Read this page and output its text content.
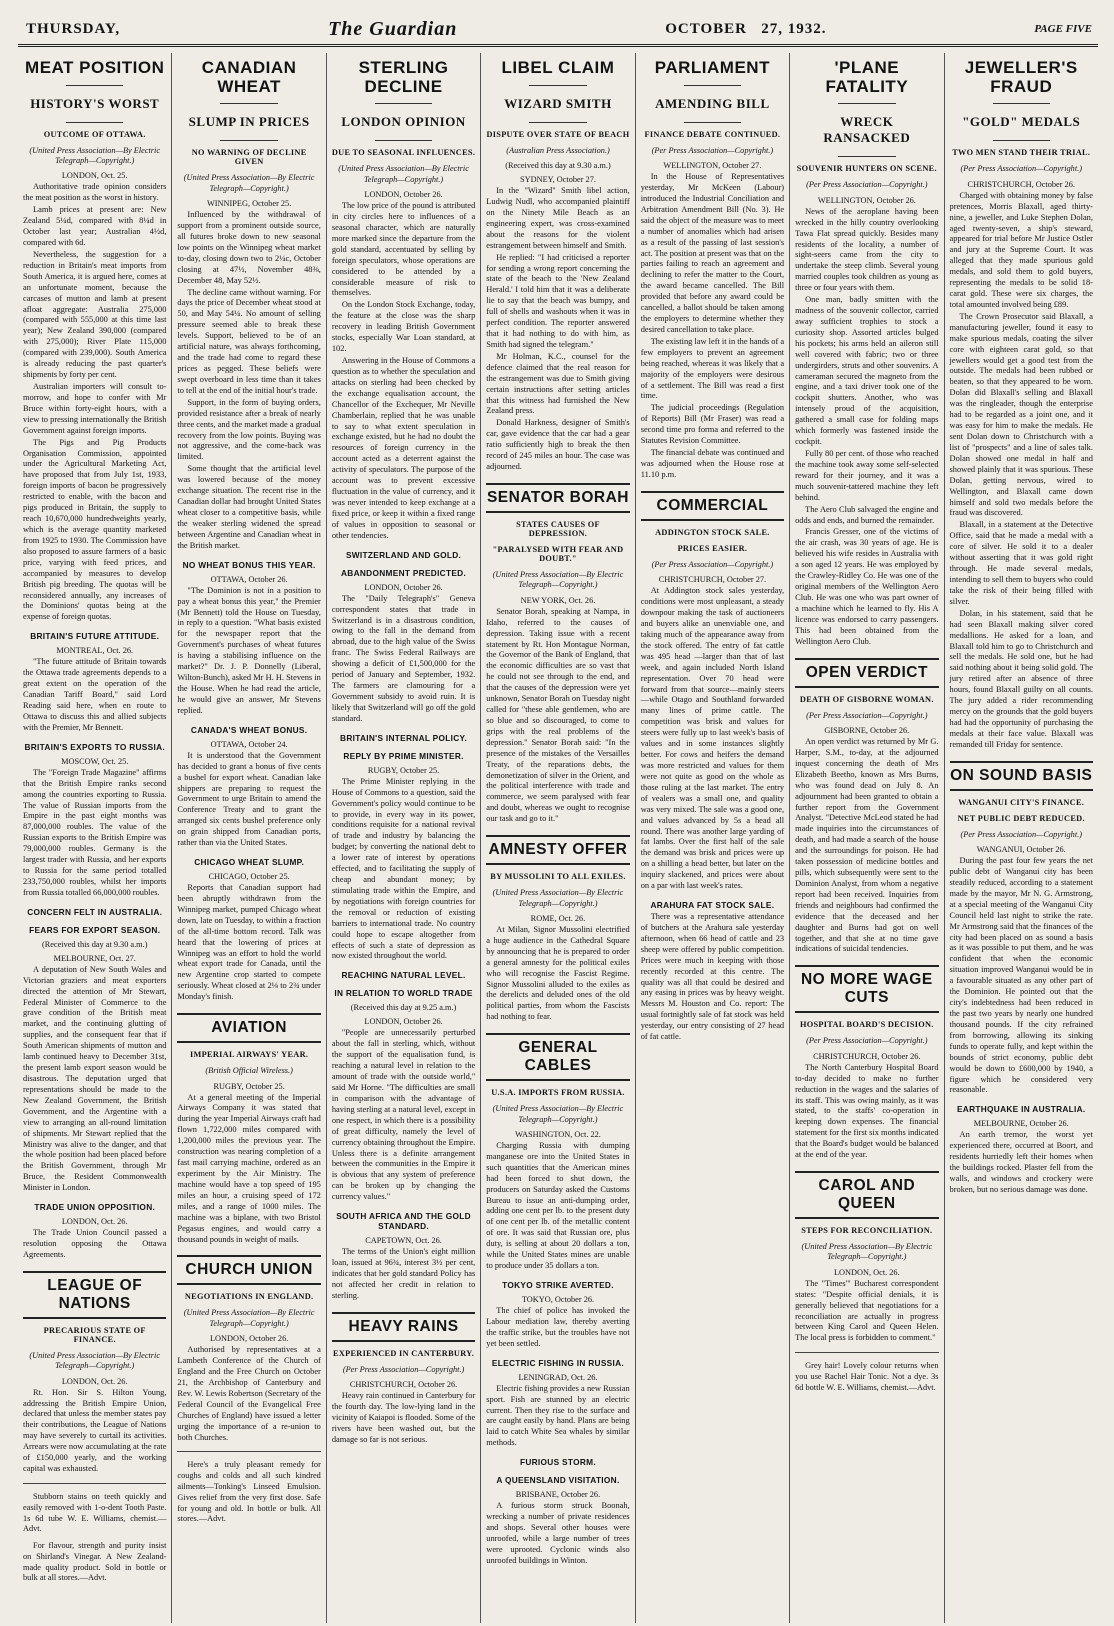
THURSDAY,	The Guardian	OCTOBER 27, 1932.	PAGE FIVE
MEAT POSITION
HISTORY'S WORST
OUTCOME OF OTTAWA.
(United Press Association—By Electric Telegraph—Copyright.)
LONDON, Oct. 25.

Authoritative trade opinion considers the meat position as the worst in history.

Lamb prices at present are: New Zealand 5¼d, compared with 8¼d in October last year; Australian 4½d, compared with 6d.

Nevertheless, the suggestion for a reduction in Britain's meat imports from South America, it is argued here, comes at an unfortunate moment, because the carcases of mutton and lamb at present afloat aggregate: Australia 275,000 (compared with 555,000 at this time last year); New Zealand 390,000 (compared with 275,000); River Plate 115,000 (compared with 239,000). South America is already reducing the past quarter's shipments by forty per cent.

Australian importers will consult to-morrow, and hope to confer with Mr Bruce within forty-eight hours, with a view to pressing internationally the British Government against foreign imports.

The Pigs and Pig Products Organisation Commission, appointed under the Agricultural Marketing Act, have proposed that from July 1st, 1933, foreign imports of bacon be progressively restricted to enable, with the bacon and pigs produced in Britain, the supply to reach 10,670,000 hundredweights yearly, which is the average quantity marketed from 1925 to 1930. The Commission have also proposed to assure farmers of a basic price, varying with feed prices, and accompanied by measures to develop British pig breeding. The quotas will be reconsidered annually, any increases of the Dominions' quotas being at the expense of foreign quotas.

BRITAIN'S FUTURE ATTITUDE.
MONTREAL, Oct. 26.

"The future attitude of Britain towards the Ottawa trade agreements depends to a great extent on the operation of the Canadian Tariff Board," said Lord Reading said here, when en route to Ottawa to discuss this and allied subjects with the Premier, Mr Bennett.

BRITAIN'S EXPORTS TO RUSSIA.
MOSCOW, Oct. 25.

The "Foreign Trade Magazine" affirms that the British Empire ranks second among the countries exporting to Russia. The value of Russian imports from the Empire in the past eight months was 87,000,000 roubles. The value of the Russian exports to the British Empire was 79,000,000 roubles. Germany is the largest trader with Russia, and her exports to Russia for the same period totalled 233,750,000 roubles, whilst her imports from Russia totalled 66,000,000 roubles.

CONCERN FELT IN AUSTRALIA.
FEARS FOR EXPORT SEASON.
(Received this day at 9.30 a.m.)
MELBOURNE, Oct. 27.

A deputation of New South Wales and Victorian graziers and meat exporters directed the attention of Mr Stewart, Federal Minister of Commerce to the grave condition of the British meat market, and the continuing glutting of supplies, and the consequent fear that if South American shipments of mutton and lamb continued heavy to December 31st, the present lamb export season would be disastrous. The deputation urged that representations should be made to the New Zealand Government, the British Government, and the Argentine with a view to arranging an all-round limitation of shipments. Mr Stewart replied that the Ministry was alive to the danger, and that the whole position had been placed before the British Government, through Mr Bruce, the Resident Commonwealth Minister in London.

TRADE UNION OPPOSITION.
LONDON, Oct. 26.

The Trade Union Council passed a resolution opposing the Ottawa Agreements.

LEAGUE OF NATIONS
PRECARIOUS STATE OF FINANCE.
(United Press Association—By Electric Telegraph—Copyright.)
LONDON, Oct. 26.

Rt. Hon. Sir S. Hilton Young, addressing the British Empire Union, declared that unless the member states pay their contributions, the League of Nations may have severely to curtail its activities. Arrears were now accumulating at the rate of £150,000 yearly, and the working capital was exhausted.

Stubborn stains on teeth quickly and easily removed with 1-o-dent Tooth Paste. 1s 6d tube W. E. Williams, chemist.—Advt.
For flavour, strength and purity insist on Shirland's Vinegar. A New Zealand-made quality product. Sold in bottle or bulk at all stores.—Advt.
CANADIAN WHEAT
SLUMP IN PRICES
NO WARNING OF DECLINE GIVEN
(United Press Association—By Electric Telegraph—Copyright.)
WINNIPEG, October 25.

Influenced by the withdrawal of support from a prominent outside source, all futures broke down to new seasonal low points on the Winnipeg wheat market to-day, closing down two to 2¼c, October closing at 47½, November 48⅜, December 48, May 52½.

The decline came without warning. For days the price of December wheat stood at 50, and May 54¼. No amount of selling pressure seemed able to break these levels. Support, believed to be of an artificial nature, was always forthcoming, and the trade had come to regard these prices as pegged. These beliefs were swept overboard in less time than it takes to tell at the end of the initial hour's trade.

Support, in the form of buying orders, provided resistance after a break of nearly three cents, and the market made a gradual recovery from the low points. Buying was not aggressive, and the come-back was limited.

Some thought that the artificial level was lowered because of the money exchange situation. The recent rise in the Canadian dollar had brought United States wheat closer to a competitive basis, while the weaker sterling widened the spread between Argentine and Canadian wheat in the British market.

NO WHEAT BONUS THIS YEAR.
OTTAWA, October 26.

"The Dominion is not in a position to pay a wheat bonus this year," the Premier (Mr Bennett) told the House on Tuesday, in reply to a question. "What basis existed for the newspaper report that the Government's purchases of wheat futures is having a stabilising influence on the market?" Dr. J. P. Donnelly (Liberal, Wilton-Bunch), asked Mr H. H. Stevens in the House. When he had read the article, he would give an answer, Mr Stevens replied.

CANADA'S WHEAT BONUS.
OTTAWA, October 24.

It is understood that the Government has decided to grant a bonus of five cents a bushel for export wheat. Canadian lake shippers are preparing to request the Government to urge Britain to amend the Conference Treaty and to grant the arranged six cents bushel preference only on grain shipped from Canadian ports, rather than via the United States.

CHICAGO WHEAT SLUMP.
CHICAGO, October 25.

Reports that Canadian support had been abruptly withdrawn from the Winnipeg market, pumped Chicago wheat down, late on Tuesday, to within a fraction of the all-time bottom record. Talk was heard that the lowering of prices at Winnipeg was an effort to hold the world wheat export trade for Canada, until the new Argentine crop started to compete seriously. Wheat closed at 2⅛ to 2¾ under Monday's finish.

AVIATION
IMPERIAL AIRWAYS' YEAR.
(British Official Wireless.)
RUGBY, October 25.

At a general meeting of the Imperial Airways Company it was stated that during the year Imperial Airways craft had flown 1,722,000 miles compared with 1,200,000 miles the previous year. The construction was nearing completion of a fast mail carrying machine, ordered as an experiment by the Air Ministry. The machine would have a top speed of 195 miles an hour, a cruising speed of 172 miles, and a range of 1000 miles. The machine was a biplane, with two Bristol Pegasus engines, and would carry a thousand pounds in weight of mails.

CHURCH UNION
NEGOTIATIONS IN ENGLAND.
(United Press Association—By Electric Telegraph—Copyright.)
LONDON, October 26.

Authorised by representatives at a Lambeth Conference of the Church of England and the Free Church on October 21, the Archbishop of Canterbury and Rev. W. Lewis Robertson (Secretary of the Federal Council of the Evangelical Free Churches of England) have issued a letter urging the importance of a re-union to both Churches.

Here's a truly pleasant remedy for coughs and colds and all such kindred ailments—Tonking's Linseed Emulsion. Gives relief from the very first dose. Safe for young and old. In bottle or bulk. All stores.—Advt.
STERLING DECLINE
LONDON OPINION
DUE TO SEASONAL INFLUENCES.
(United Press Association—By Electric Telegraph—Copyright.)
LONDON, October 26.

The low price of the pound is attributed in city circles here to influences of a seasonal character, which are naturally more marked since the departure from the gold standard, accentuated by selling by foreign speculators, whose operations are considered to be attended by a considerable measure of risk to themselves.

On the London Stock Exchange, today, the feature at the close was the sharp recovery in leading British Government stocks, especially War Loan standard, at 102.

Answering in the House of Commons a question as to whether the speculation and attacks on sterling had been checked by the exchange equalisation account, the Chancellor of the Exchequer, Mr Neville Chamberlain, replied that he was unable to say to what extent speculation in exchange existed, but he had no doubt the resources of foreign currency in the account acted as a deterrent against the activity of speculators. The purpose of the account was to prevent excessive fluctuation in the value of currency, and it was never intended to keep exchange at a fixed price, or keep it within a fixed range of values in opposition to seasonal or other tendencies.

SWITZERLAND AND GOLD.
ABANDONMENT PREDICTED.
LONDON, October 26.

The "Daily Telegraph's" Geneva correspondent states that trade in Switzerland is in a disastrous condition, owing to the fall in the demand from abroad, due to the high value of the Swiss franc. The Swiss Federal Railways are showing a deficit of £1,500,000 for the period of January and September, 1932. The farmers are clamouring for a Government subsidy to avoid ruin. It is likely that Switzerland will go off the gold standard.

BRITAIN'S INTERNAL POLICY.
REPLY BY PRIME MINISTER.
RUGBY, October 25.

The Prime Minister replying in the House of Commons to a question, said the Government's policy would continue to be to provide, in every way in its power, conditions requisite for a national revival of trade and industry by balancing the budget; by converting the national debt to a lower rate of interest by operations effected, and to facilitating the supply of cheap and abundant money; by stimulating trade within the Empire, and by negotiations with foreign countries for the removal or reduction of existing barriers to international trade. No country could hope to escape altogether from effects of such a state of depression as now existed throughout the world.

REACHING NATURAL LEVEL.
IN RELATION TO WORLD TRADE
(Received this day at 9.25 a.m.)
LONDON, October 26.

"People are unnecessarily perturbed about the fall in sterling, which, without the support of the equalisation fund, is reaching a natural level in relation to the amount of trade with the outside world," said Mr Horne. "The difficulties are small in comparison with the advantage of having sterling at a natural level, except in one respect, in which there is a possibility of great difficulty, namely the level of currency obtaining throughout the Empire. Unless there is a definite arrangement between the communities in the Empire it is obvious that any system of preference can be broken up by changing the currency values."

SOUTH AFRICA AND THE GOLD STANDARD.
CAPETOWN, Oct. 26.

The terms of the Union's eight million loan, issued at 96¾, interest 3½ per cent, indicates that her gold standard Policy has not affected her credit in relation to sterling.

HEAVY RAINS
EXPERIENCED IN CANTERBURY.
(Per Press Association—Copyright.)
CHRISTCHURCH, October 26.

Heavy rain continued in Canterbury for the fourth day. The low-lying land in the vicinity of Kaiapoi is flooded. Some of the rivers have been washed out, but the damage so far is not serious.

LIBEL CLAIM
WIZARD SMITH
DISPUTE OVER STATE OF BEACH
(Australian Press Association.)
(Received this day at 9.30 a.m.)
SYDNEY, October 27.

In the "Wizard" Smith libel action, Ludwig Nudl, who accompanied plaintiff on the Ninety Mile Beach as an engineering expert, was cross-examined about the reasons for the violent estrangement between himself and Smith.

He replied: "I had criticised a reporter for sending a wrong report concerning the state of the beach to the 'New Zealand Herald.' I told him that it was a deliberate lie to say that the beach was bumpy, and full of shells and washouts when it was in perfect condition. The reporter answered that it had nothing to do with him, as Smith had signed the telegram."

Mr Holman, K.C., counsel for the defence claimed that the real reason for the estrangement was due to Smith giving certain instructions after setting articles that this witness had furnished the New Zealand press.

Donald Harkness, designer of Smith's car, gave evidence that the car had a gear ratio sufficiently high to break the then record of 245 miles an hour. The case was adjourned.

SENATOR BORAH
STATES CAUSES OF DEPRESSION.
"PARALYSED WITH FEAR AND DOUBT."
(United Press Association—By Electric Telegraph—Copyright.)
NEW YORK, Oct. 26.

Senator Borah, speaking at Nampa, in Idaho, referred to the causes of depression. Taking issue with a recent statement by Rt. Hon Montague Norman, the Governor of the Bank of England, that the economic difficulties are so vast that he could not see through to the end, and that the causes of the depression were yet unknown, Senator Borah on Tuesday night called for "these able gentlemen, who are so blue and so discouraged, to come to grips with the real problems of the depression." Senator Borah said: "In the presence of the mistakes of the Versailles Treaty, of the reparations debts, the demonetization of silver in the Orient, and the political interference with trade and commerce, we seem paralysed with fear and doubt, whereas we ought to recognise our task and go to it."

AMNESTY OFFER
BY MUSSOLINI TO ALL EXILES.
(United Press Association—By Electric Telegraph—Copyright.)
ROME, Oct. 26.

At Milan, Signor Mussolini electrified a huge audience in the Cathedral Square by announcing that he is prepared to order a general amnesty for the political exiles who will recognise the Fascist Regime. Signor Mussolini alluded to the exiles as the derelicts and deluded ones of the old political parties, from whom the Fascists had nothing to fear.

GENERAL CABLES
U.S.A. IMPORTS FROM RUSSIA.
(United Press Association—By Electric Telegraph—Copyright.)
WASHINGTON, Oct. 22.

Charging Russia with dumping manganese ore into the United States in such quantities that the American mines had been forced to shut down, the producers on Saturday asked the Customs Bureau to issue an anti-dumping order, adding one cent per lb. to the present duty of one cent per lb. of the metallic content of ore. It was said that Russian ore, plus duty, is selling at about 20 dollars a ton, while the United States mines are unable to produce under 35 dollars a ton.

TOKYO STRIKE AVERTED.
TOKYO, October 26.

The chief of police has invoked the Labour mediation law, thereby averting the traffic strike, but the troubles have not yet been settled.

ELECTRIC FISHING IN RUSSIA.
LENINGRAD, Oct. 26.

Electric fishing provides a new Russian sport. Fish are stunned by an electric current. Then they rise to the surface and are caught easily by hand. Plans are being laid to catch White Sea whales by similar methods.

FURIOUS STORM.
A QUEENSLAND VISITATION.
BRISBANE, October 26.

A furious storm struck Boonah, wrecking a number of private residences and shops. Several other houses were unroofed, while a large number of trees were uprooted. Cyclonic winds also unroofed buildings in Winton.

PARLIAMENT
AMENDING BILL
FINANCE DEBATE CONTINUED.
(Per Press Association—Copyright.)
WELLINGTON, October 27.

In the House of Representatives yesterday, Mr McKeen (Labour) introduced the Industrial Conciliation and Arbitration Amendment Bill (No. 3). He said the object of the measure was to meet a number of anomalies which had arisen as a result of the passing of last session's act. The position at present was that on the parties failing to reach an agreement and declining to refer the matter to the Court, the award became cancelled. The Bill provided that before any award could be cancelled, a ballot should be taken among the employers to determine whether they desired cancellation to take place.

The existing law left it in the hands of a few employers to prevent an agreement being reached, whereas it was likely that a majority of the employers were desirous of a settlement. The Bill was read a first time.

The judicial proceedings (Regulation of Reports) Bill (Mr Fraser) was read a second time pro forma and referred to the Statutes Revision Committee.

The financial debate was continued and was adjourned when the House rose at 11.10 p.m.

COMMERCIAL
ADDINGTON STOCK SALE.
PRICES EASIER.
(Per Press Association—Copyright.)
CHRISTCHURCH, October 27.

At Addington stock sales yesterday, conditions were most unpleasant, a steady downpour making the task of auctioneers and buyers alike an unenviable one, and taking much of the appearance away from the stock offered. The entry of fat cattle was 495 head —larger than that of last week, and again included North Island representation. Over 70 head were forward from that source—mainly steers —while Otago and Southland forwarded many lines of prime cattle. The competition was brisk and values for steers were fully up to last week's basis of values and in some instances slightly better. For cows and heifers the demand was more restricted and values for them were not quite as good on the whole as those ruling at the last market. The entry of vealers was a small one, and quality was very mixed. The sale was a good one, and values advanced by 5s a head all round. There was another large yarding of fat lambs. Over the first half of the sale the demand was brisk and prices were up on a shilling a head better, but later on the inquiry slackened, and prices were about on a par with last week's rates.

ARAHURA FAT STOCK SALE.

There was a representative attendance of butchers at the Arahura sale yesterday afternoon, when 66 head of cattle and 23 sheep were offered by public competition. Prices were much in keeping with those recently recorded at this centre. The quality was all that could be desired and any easing in prices was by heavy weight. Messrs M. Houston and Co. report: The usual fortnightly sale of fat stock was held yesterday, our entry consisting of 27 head of fat cattle.

'PLANE FATALITY
WRECK RANSACKED
SOUVENIR HUNTERS ON SCENE.
(Per Press Association—Copyright.)
WELLINGTON, October 26.

News of the aeroplane having been wrecked in the hilly country overlooking Tawa Flat spread quickly. Besides many residents of the locality, a number of sight-seers came from the city to undertake the steep climb. Several young married couples took children as young as three or four years with them.

One man, badly smitten with the madness of the souvenir collector, carried away sufficient trophies to stock a curiosity shop. Assorted articles bulged his pockets; his arms held an aileron still well covered with fabric; two or three undergirders, struts and other souvenirs. A cameraman secured the magneto from the engine, and a taxi driver took one of the cockpit shutters. Another, who was intensely proud of the acquisition, gathered a small case for folding maps which formerly was fastened inside the cockpit.

Fully 80 per cent. of those who reached the machine took away some self-selected reward for their journey, and it was a much souvenir-tattered machine they left behind.

The Aero Club salvaged the engine and odds and ends, and burned the remainder.

Francis Gresser, one of the victims of the air crash, was 30 years of age. He is believed his wife resides in Australia with a son aged 12 years. He was employed by the Crawley-Ridley Co. He was one of the original members of the Wellington Aero Club. He was one who was part owner of a machine which he learned to fly. His A licence was endorsed to carry passengers. This had been obtained from the Wellington Aero Club.

OPEN VERDICT
DEATH OF GISBORNE WOMAN.
(Per Press Association—Copyright.)
GISBORNE, October 26.

An open verdict was returned by Mr G. Harper, S.M., to-day, at the adjourned inquest concerning the death of Mrs Elizabeth Beetho, known as Mrs Burns, who was found dead on July 8. An adjournment had been granted to obtain a further report from the Government Analyst. "Detective McLeod stated he had made inquiries into the circumstances of death, and had made a search of the house and the surroundings for poison. He had taken possession of medicine bottles and pills, which subsequently were sent to the Dominion Analyst, from whom a negative report had been received. Inquiries from friends and neighbours had confirmed the evidence that the deceased and her daughter and Burns had got on well together, and that she at no time gave indications of suicidal tendencies.

NO MORE WAGE CUTS
HOSPITAL BOARD'S DECISION.
(Per Press Association—Copyright.)
CHRISTCHURCH, October 26.

The North Canterbury Hospital Board to-day decided to make no further reduction in the wages and the salaries of its staff. This was owing mainly, as it was stated, to the staffs' co-operation in keeping down expenses. The financial statement for the first six months indicated that the Board's budget would be balanced at the end of the year.

CAROL AND QUEEN
STEPS FOR RECONCILIATION.
(United Press Association—By Electric Telegraph—Copyright.)
LONDON, Oct. 26.

The "Times'" Bucharest correspondent states: "Despite official denials, it is generally believed that negotiations for a reconciliation are actually in progress between King Carol and Queen Helen. The local press is forbidden to comment."

Grey hair! Lovely colour returns when you use Rachel Hair Tonic. Not a dye. 3s 6d bottle W. E. Williams, chemist.—Advt.
JEWELLER'S FRAUD
"GOLD" MEDALS
TWO MEN STAND THEIR TRIAL.
(Per Press Association—Copyright.)
CHRISTCHURCH, October 26.

Charged with obtaining money by false pretences, Morris Blaxall, aged thirty-nine, a jeweller, and Luke Stephen Dolan, aged twenty-seven, a ship's steward, appeared for trial before Mr Justice Ostler and jury at the Supreme Court. It was alleged that they made spurious gold medals, and sold them to gold buyers, representing the medals to be solid 18-carat gold. These were six charges, the total amounted involved being £89.

The Crown Prosecutor said Blaxall, a manufacturing jeweller, found it easy to make spurious medals, coating the silver core with eighteen carat gold, so that jewellers would get a good test from the outside. The medals had been rubbed or beaten, so that they appeared to be worn. Dolan did Blaxall's selling and Blaxall was the ringleader, though the enterprise had to be regarded as a joint one, and it was easy for him to make the medals. He sent Dolan down to Christchurch with a list of "prospects" and a line of sales talk. Dolan showed one medal in half and showed plainly that it was spurious. These Dolan, getting nervous, wired to Wellington, and Blaxall came down himself and sold two medals before the fraud was discovered.

Blaxall, in a statement at the Detective Office, said that he made a medal with a core of silver. He sold it to a dealer without asserting that it was gold right through. He made several medals, intending to sell them to buyers who could take the risk of their being filled with silver.

Dolan, in his statement, said that he had seen Blaxall making silver cored medallions. He asked for a loan, and Blaxall told him to go to Christchurch and sell the medals. He sold one, but he had said nothing about it being solid gold. The jury retired after an absence of three hours, found Blaxall guilty on all counts. The jury added a rider recommending mercy on the grounds that the gold buyers had had the opportunity of purchasing the medals at their face value. Blaxall was remanded till Friday for sentence.

ON SOUND BASIS
WANGANUI CITY'S FINANCE.
NET PUBLIC DEBT REDUCED.
(Per Press Association—Copyright.)
WANGANUI, October 26.

During the past four few years the net public debt of Wanganui city has been steadily reduced, according to a statement made by the mayor, Mr N. G. Armstrong, at a special meeting of the Wanganui City Council held last night to strike the rate. Mr Armstrong said that the finances of the city had been placed on as sound a basis as it was possible to put them, and he was confident that when the economic situation improved Wanganui would be in a favourable situated as any other part of the Dominion. He pointed out that the city's indebtedness had been reduced in the past two years by nearly one hundred thousand pounds. If the city refrained from borrowing, allowing its sinking funds to operate fully, and kept within the bounds of strict economy, public debt would be down to £600,000 by 1940, a figure which he considered very reasonable.

EARTHQUAKE IN AUSTRALIA.
MELBOURNE, October 26.

An earth tremor, the worst yet experienced there, occurred at Boort, and residents hurriedly left their homes when the buildings rocked. Plaster fell from the walls, and windows and crockery were broken, but no serious damage was done.
